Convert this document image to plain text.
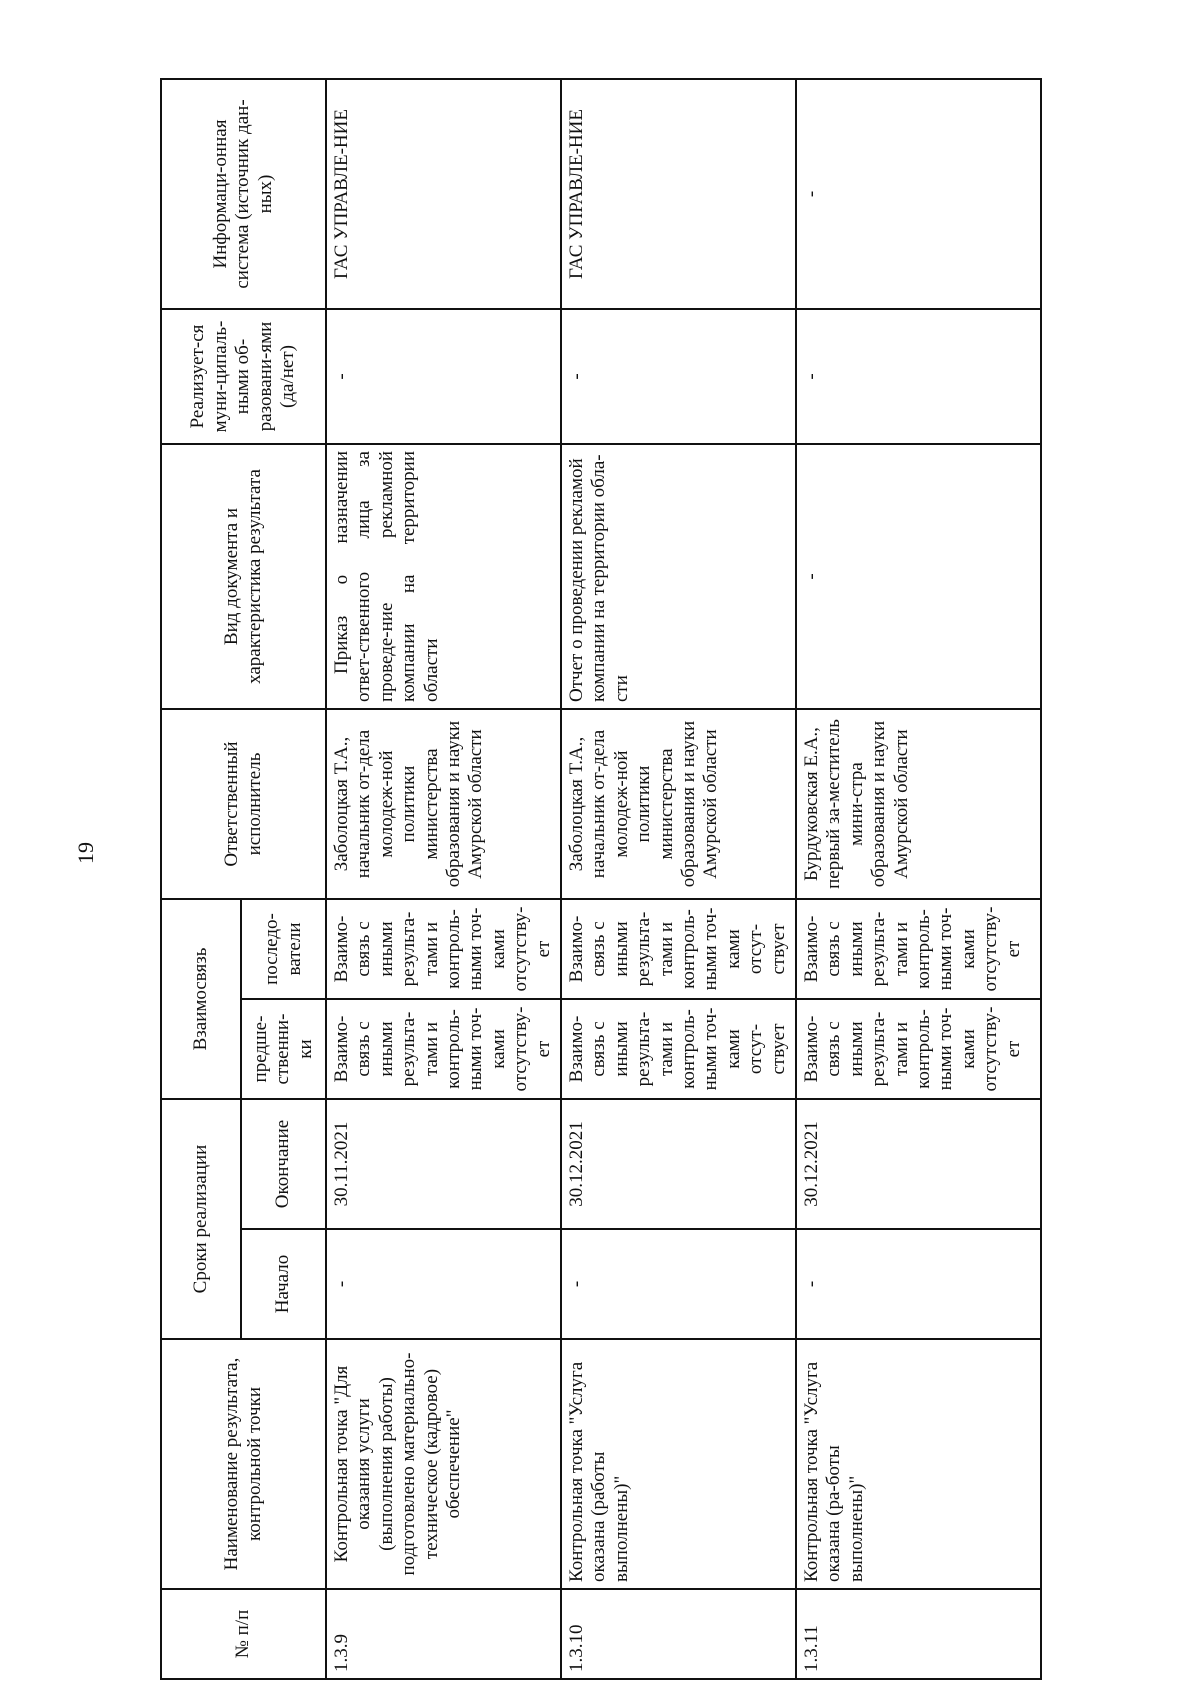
19
№ п/п	Наименование результата, контрольной точки	Сроки реализации		Взаимосвязь		Ответственный исполнитель	Вид документа и характеристика результата	Реализует-ся муни-ципаль-ными об-разовани-ями (да/нет)	Информаци-онная система (источник дан-ных)
		Начало	Окончание	предше-ственни-ки	последо-ватели				
1.3.9	Контрольная точка "Для оказания услуги (выполнения работы) подготовлено материально- техническое (кадровое) обеспечение"	-	30.11.2021	Взаимо-связь с иными результа-тами и контроль-ными точ-ками отсутству-ет	Взаимо-связь с иными результа-тами и контроль-ными точ-ками отсутству-ет	Заболоцкая Т.А., начальник от-дела молодеж-ной политики министерства образования и науки Амурской области	Приказ о назначении ответ-ственного лица за проведе-ние рекламной компании на территории области	-	ГАС УПРАВЛЕ-НИЕ
1.3.10	Контрольная точка "Услуга оказана (работы выполнены)"	-	30.12.2021	Взаимо-связь с иными результа-тами и контроль-ными точ-ками отсут-ствует	Взаимо-связь с иными результа-тами и контроль-ными точ-ками отсут-ствует	Заболоцкая Т.А., начальник от-дела молодеж-ной политики министерства образования и науки Амурской области	Отчет о проведении рекламой компании на территории обла-сти	-	ГАС УПРАВЛЕ-НИЕ
1.3.11	Контрольная точка "Услуга оказана (ра-боты выполнены)"	-	30.12.2021	Взаимо-связь с иными результа-тами и контроль-ными точ-ками отсутству-ет	Взаимо-связь с иными результа-тами и контроль-ными точ-ками отсутству-ет	Бурдуковская Е.А., первый за-меститель мини-стра образования и науки Амурской области	-	-	-
